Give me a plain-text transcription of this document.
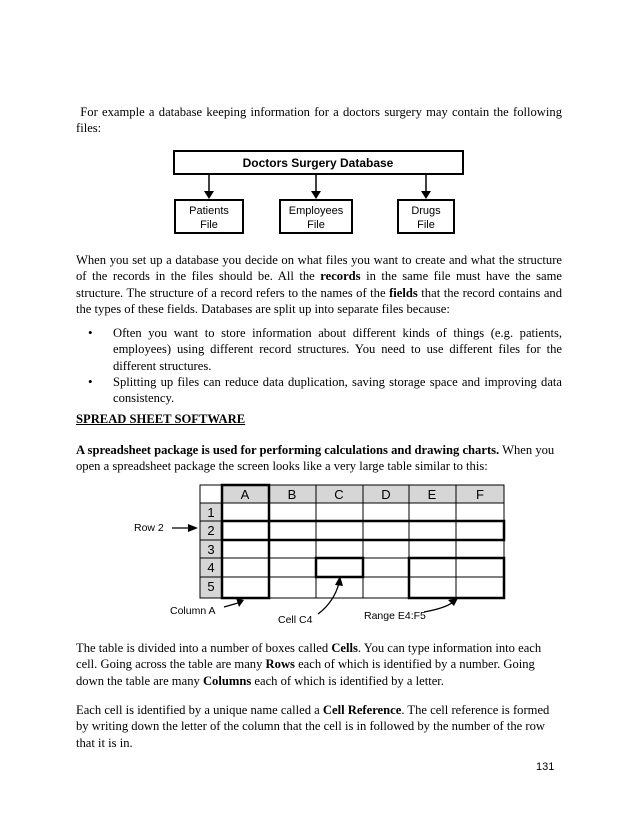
For example a database keeping information for a doctors surgery may contain the following files:

Doctors Surgery Database
Patients
File
Employees
File
Drugs
File

When you set up a database you decide on what files you want to create and what the structure of the records in the files should be. All the records in the same file must have the same structure. The structure of a record refers to the names of the fields that the record contains and the types of these fields. Databases are split up into separate files because:

• Often you want to store information about different kinds of things (e.g. patients, employees) using different record structures. You need to use different files for the different structures.

• Splitting up files can reduce data duplication, saving storage space and improving data consistency.

SPREAD SHEET SOFTWARE

A spreadsheet package is used for performing calculations and drawing charts. When you open a spreadsheet package the screen looks like a very large table similar to this:

A	B	C	D	E	F
1
2
3
4
5
Row 2
Column A
Cell C4	Range E4:F5

The table is divided into a number of boxes called Cells. You can type information into each cell. Going across the table are many Rows each of which is identified by a number. Going down the table are many Columns each of which is identified by a letter.

Each cell is identified by a unique name called a Cell Reference. The cell reference is formed by writing down the letter of the column that the cell is in followed by the number of the row that it is in.

131
